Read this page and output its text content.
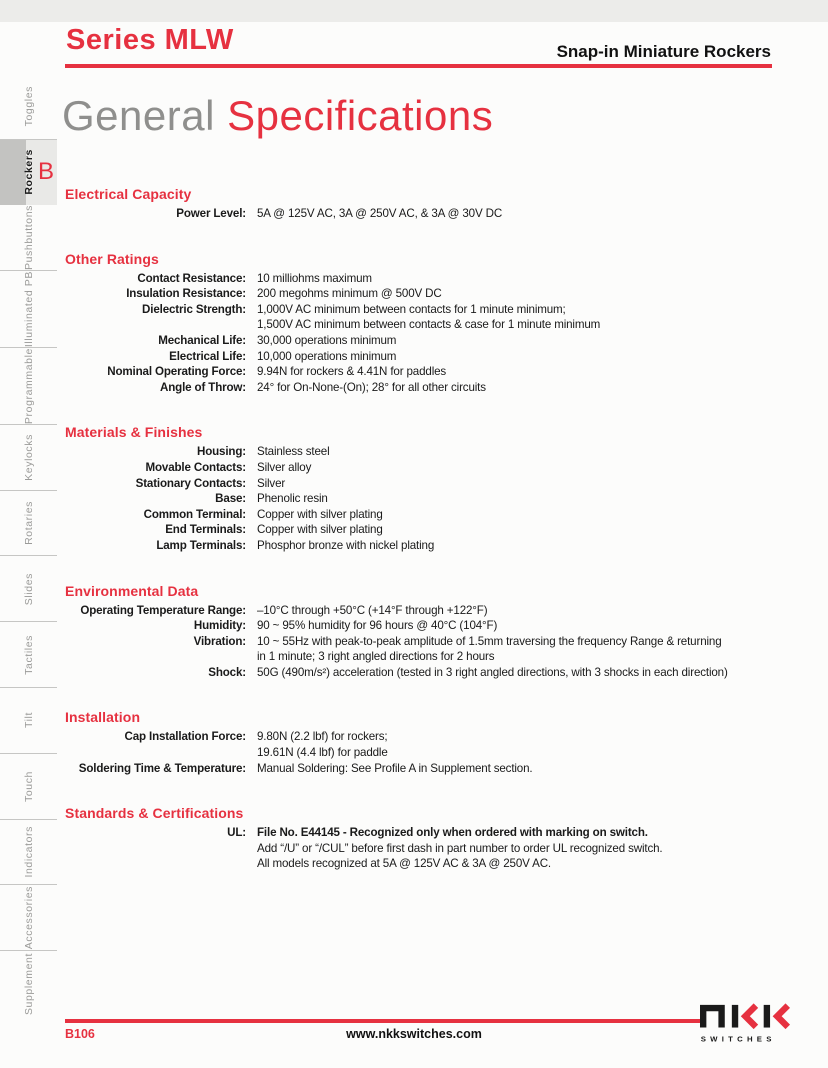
Series MLW	Snap-in Miniature Rockers
General Specifications
Toggles
Rockers B
Pushbuttons
Illuminated PB
Programmable
Keylocks
Rotaries
Slides
Tactiles
Tilt
Touch
Indicators
Accessories
Supplement
Electrical Capacity
Power Level: 5A @ 125V AC, 3A @ 250V AC, & 3A @ 30V DC
Other Ratings
Contact Resistance: 10 milliohms maximum
Insulation Resistance: 200 megohms minimum @ 500V DC
Dielectric Strength: 1,000V AC minimum between contacts for 1 minute minimum;
1,500V AC minimum between contacts & case for 1 minute minimum
Mechanical Life: 30,000 operations minimum
Electrical Life: 10,000 operations minimum
Nominal Operating Force: 9.94N for rockers & 4.41N for paddles
Angle of Throw: 24° for On-None-(On); 28° for all other circuits
Materials & Finishes
Housing: Stainless steel
Movable Contacts: Silver alloy
Stationary Contacts: Silver
Base: Phenolic resin
Common Terminal: Copper with silver plating
End Terminals: Copper with silver plating
Lamp Terminals: Phosphor bronze with nickel plating
Environmental Data
Operating Temperature Range: –10°C through +50°C (+14°F through +122°F)
Humidity: 90 ~ 95% humidity for 96 hours @ 40°C (104°F)
Vibration: 10 ~ 55Hz with peak-to-peak amplitude of 1.5mm traversing the frequency Range & returning
in 1 minute; 3 right angled directions for 2 hours
Shock: 50G (490m/s²) acceleration (tested in 3 right angled directions, with 3 shocks in each direction)
Installation
Cap Installation Force: 9.80N (2.2 lbf) for rockers;
19.61N (4.4 lbf) for paddle
Soldering Time & Temperature: Manual Soldering: See Profile A in Supplement section.
Standards & Certifications
UL: File No. E44145 - Recognized only when ordered with marking on switch.
Add “/U” or “/CUL” before first dash in part number to order UL recognized switch.
All models recognized at 5A @ 125V AC & 3A @ 250V AC.
B106	www.nkkswitches.com	SWITCHES
